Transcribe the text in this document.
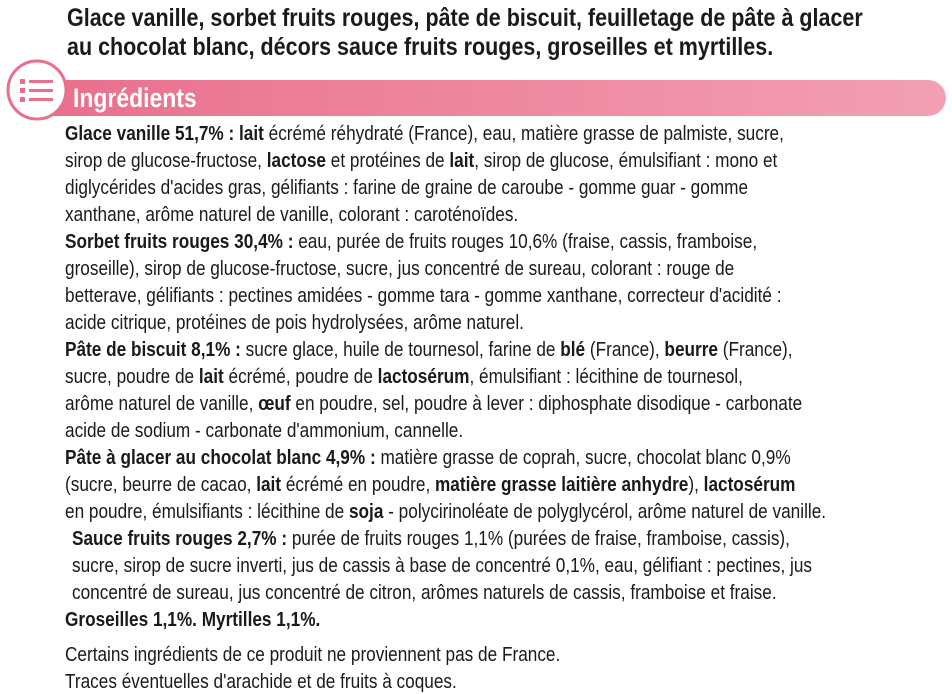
Glace vanille, sorbet fruits rouges, pâte de biscuit, feuilletage de pâte à glacer
au chocolat blanc, décors sauce fruits rouges, groseilles et myrtilles.
Ingrédients
Glace vanille 51,7% : lait écrémé réhydraté (France), eau, matière grasse de palmiste, sucre,
sirop de glucose-fructose, lactose et protéines de lait, sirop de glucose, émulsifiant : mono et
diglycérides d'acides gras, gélifiants : farine de graine de caroube - gomme guar - gomme
xanthane, arôme naturel de vanille, colorant : caroténoïdes.
Sorbet fruits rouges 30,4% : eau, purée de fruits rouges 10,6% (fraise, cassis, framboise,
groseille), sirop de glucose-fructose, sucre, jus concentré de sureau, colorant : rouge de
betterave, gélifiants : pectines amidées - gomme tara - gomme xanthane, correcteur d'acidité :
acide citrique, protéines de pois hydrolysées, arôme naturel.
Pâte de biscuit 8,1% : sucre glace, huile de tournesol, farine de blé (France), beurre (France),
sucre, poudre de lait écrémé, poudre de lactosérum, émulsifiant : lécithine de tournesol,
arôme naturel de vanille, œuf en poudre, sel, poudre à lever : diphosphate disodique - carbonate
acide de sodium - carbonate d'ammonium, cannelle.
Pâte à glacer au chocolat blanc 4,9% : matière grasse de coprah, sucre, chocolat blanc 0,9%
(sucre, beurre de cacao, lait écrémé en poudre, matière grasse laitière anhydre), lactosérum
en poudre, émulsifiants : lécithine de soja - polycirinoléate de polyglycérol, arôme naturel de vanille.
Sauce fruits rouges 2,7% : purée de fruits rouges 1,1% (purées de fraise, framboise, cassis),
sucre, sirop de sucre inverti, jus de cassis à base de concentré 0,1%, eau, gélifiant : pectines, jus
concentré de sureau, jus concentré de citron, arômes naturels de cassis, framboise et fraise.
Groseilles 1,1%. Myrtilles 1,1%.
Certains ingrédients de ce produit ne proviennent pas de France.
Traces éventuelles d'arachide et de fruits à coques.
